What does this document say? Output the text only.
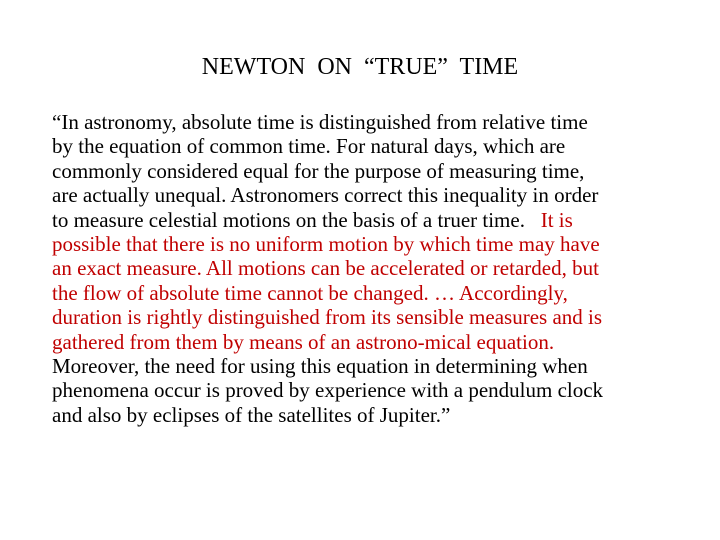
NEWTON  ON  “TRUE”  TIME
“In astronomy, absolute time is distinguished from relative time
by the equation of common time. For natural days, which are
commonly considered equal for the purpose of measuring time,
are actually unequal. Astronomers correct this inequality in order
to measure celestial motions on the basis of a truer time.   It is
possible that there is no uniform motion by which time may have
an exact measure. All motions can be accelerated or retarded, but
the flow of absolute time cannot be changed. … Accordingly,
duration is rightly distinguished from its sensible measures and is
gathered from them by means of an astrono-mical equation.
Moreover, the need for using this equation in determining when
phenomena occur is proved by experience with a pendulum clock
and also by eclipses of the satellites of Jupiter.”
